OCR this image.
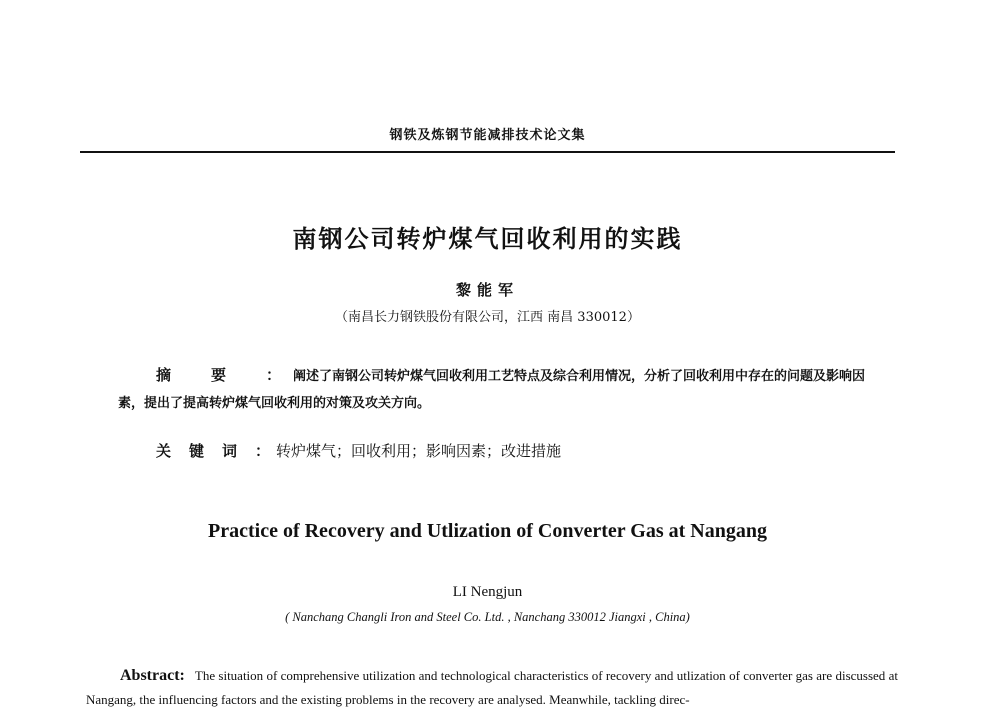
钢铁及炼钢节能减排技术论文集
南钢公司转炉煤气回收利用的实践
黎能军
（南昌长力钢铁股份有限公司，江西 南昌 330012）
摘要： 阐述了南钢公司转炉煤气回收利用工艺特点及综合利用情况，分析了回收利用中存在的问题及影响因素，提出了提高转炉煤气回收利用的对策及攻关方向。
关键词： 转炉煤气；回收利用；影响因素；改进措施
Practice of Recovery and Utlization of Converter Gas at Nangang
LI Nengjun
( Nanchang Changli Iron and Steel Co. Ltd. , Nanchang 330012 Jiangxi , China)
Abstract: The situation of comprehensive utilization and technological characteristics of recovery and utlization of converter gas are discussed at Nangang, the influencing factors and the existing problems in the recovery are analysed. Meanwhile, tackling direc-
